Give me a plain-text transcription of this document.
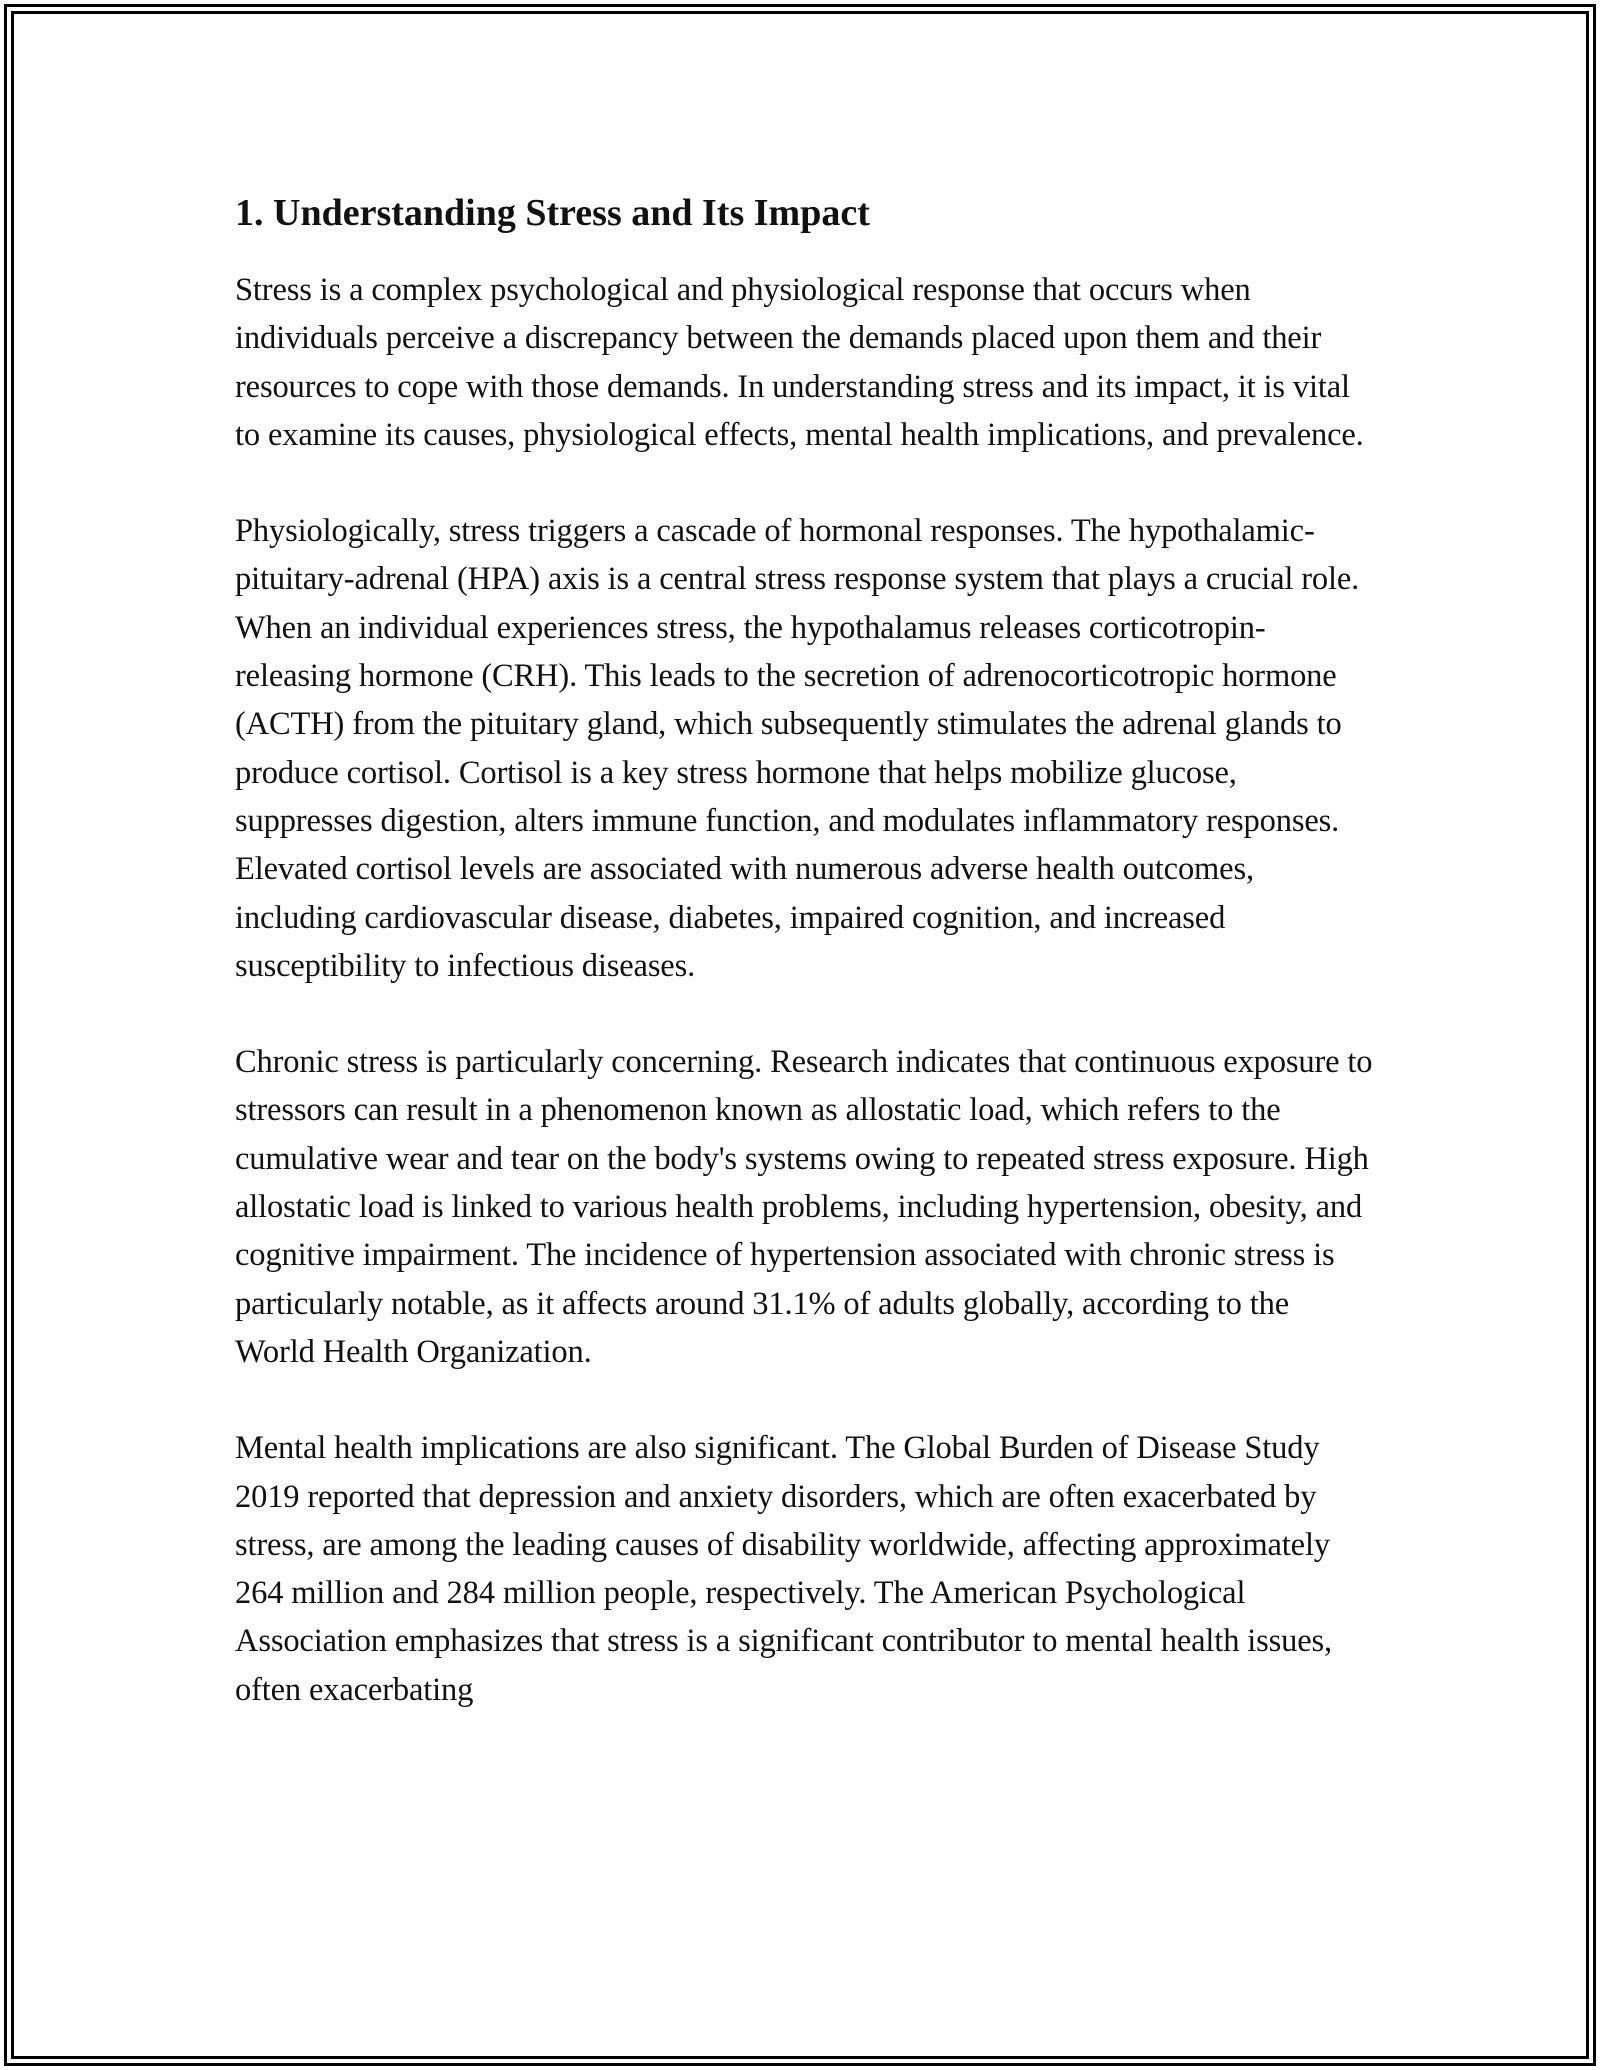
1. Understanding Stress and Its Impact

Stress is a complex psychological and physiological response that occurs when individuals perceive a discrepancy between the demands placed upon them and their resources to cope with those demands. In understanding stress and its impact, it is vital to examine its causes, physiological effects, mental health implications, and prevalence.

Physiologically, stress triggers a cascade of hormonal responses. The hypothalamic-pituitary-adrenal (HPA) axis is a central stress response system that plays a crucial role. When an individual experiences stress, the hypothalamus releases corticotropin-releasing hormone (CRH). This leads to the secretion of adrenocorticotropic hormone (ACTH) from the pituitary gland, which subsequently stimulates the adrenal glands to produce cortisol. Cortisol is a key stress hormone that helps mobilize glucose, suppresses digestion, alters immune function, and modulates inflammatory responses. Elevated cortisol levels are associated with numerous adverse health outcomes, including cardiovascular disease, diabetes, impaired cognition, and increased susceptibility to infectious diseases.

Chronic stress is particularly concerning. Research indicates that continuous exposure to stressors can result in a phenomenon known as allostatic load, which refers to the cumulative wear and tear on the body's systems owing to repeated stress exposure. High allostatic load is linked to various health problems, including hypertension, obesity, and cognitive impairment. The incidence of hypertension associated with chronic stress is particularly notable, as it affects around 31.1% of adults globally, according to the World Health Organization.

Mental health implications are also significant. The Global Burden of Disease Study 2019 reported that depression and anxiety disorders, which are often exacerbated by stress, are among the leading causes of disability worldwide, affecting approximately 264 million and 284 million people, respectively. The American Psychological Association emphasizes that stress is a significant contributor to mental health issues, often exacerbating
